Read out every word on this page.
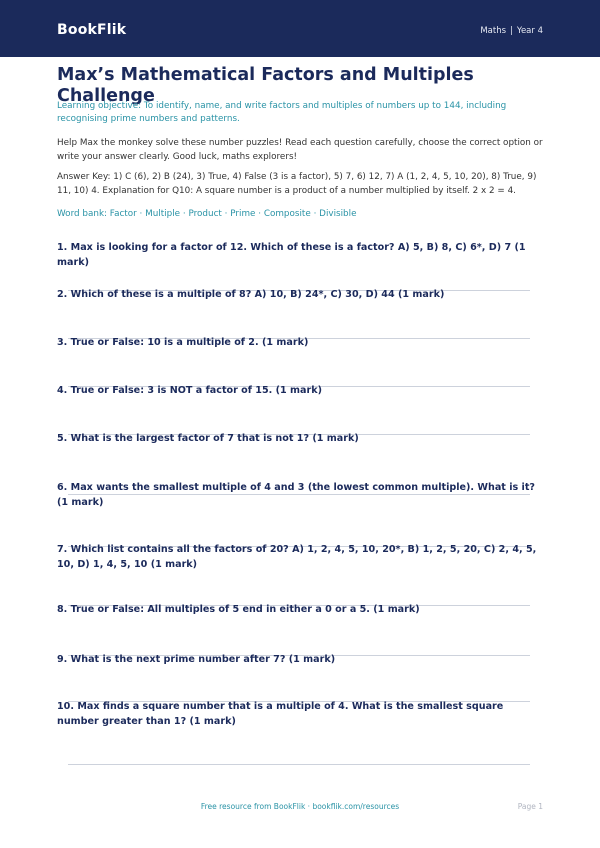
BookFlik	Maths | Year 4
Max’s Mathematical Factors and Multiples Challenge

Learning objective: To identify, name, and write factors and multiples of numbers up to 144, including recognising prime numbers and patterns.

Help Max the monkey solve these number puzzles! Read each question carefully, choose the correct option or write your answer clearly. Good luck, maths explorers!

Answer Key: 1) C (6), 2) B (24), 3) True, 4) False (3 is a factor), 5) 7, 6) 12, 7) A (1, 2, 4, 5, 10, 20), 8) True, 9) 11, 10) 4. Explanation for Q10: A square number is a product of a number multiplied by itself. 2 x 2 = 4.

Word bank: Factor · Multiple · Product · Prime · Composite · Divisible

1. Max is looking for a factor of 12. Which of these is a factor? A) 5, B) 8, C) 6*, D) 7 (1 mark)

2. Which of these is a multiple of 8? A) 10, B) 24*, C) 30, D) 44 (1 mark)

3. True or False: 10 is a multiple of 2. (1 mark)

4. True or False: 3 is NOT a factor of 15. (1 mark)

5. What is the largest factor of 7 that is not 1? (1 mark)

6. Max wants the smallest multiple of 4 and 3 (the lowest common multiple). What is it? (1 mark)

7. Which list contains all the factors of 20? A) 1, 2, 4, 5, 10, 20*, B) 1, 2, 5, 20, C) 2, 4, 5, 10, D) 1, 4, 5, 10 (1 mark)

8. True or False: All multiples of 5 end in either a 0 or a 5. (1 mark)

9. What is the next prime number after 7? (1 mark)

10. Max finds a square number that is a multiple of 4. What is the smallest square number greater than 1? (1 mark)

Free resource from BookFlik · bookflik.com/resources	Page 1
